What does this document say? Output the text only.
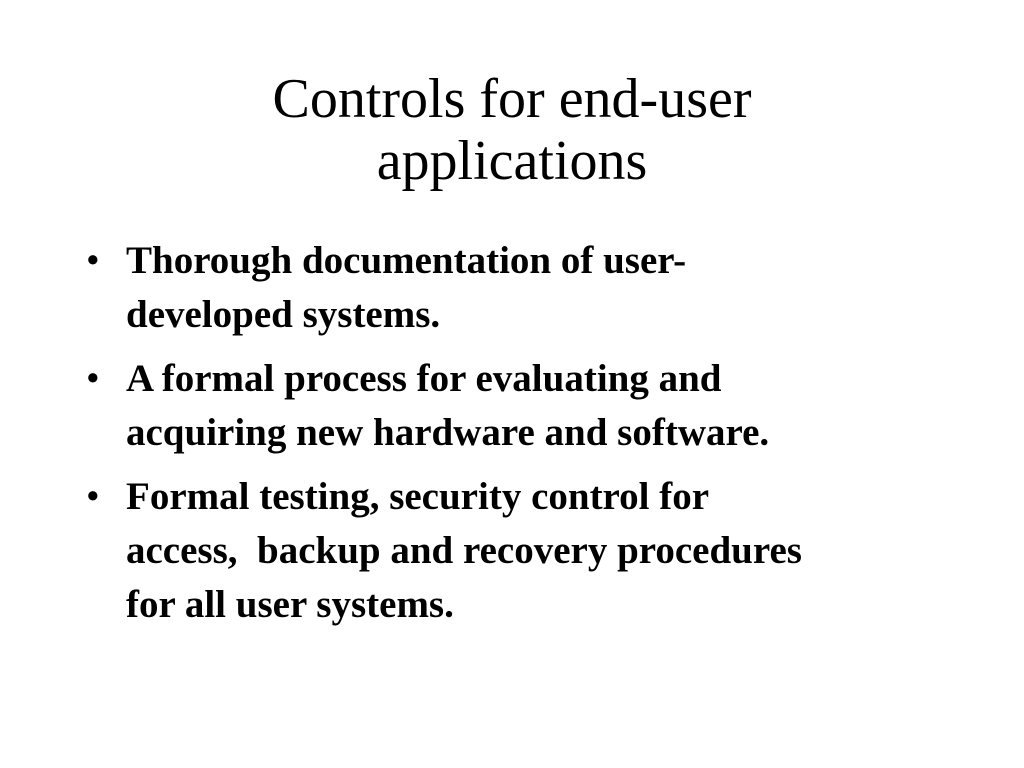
Controls for end-user
applications
• Thorough documentation of user-
developed systems.
• A formal process for evaluating and
acquiring new hardware and software.
• Formal testing, security control for
access,  backup and recovery procedures
for all user systems.
